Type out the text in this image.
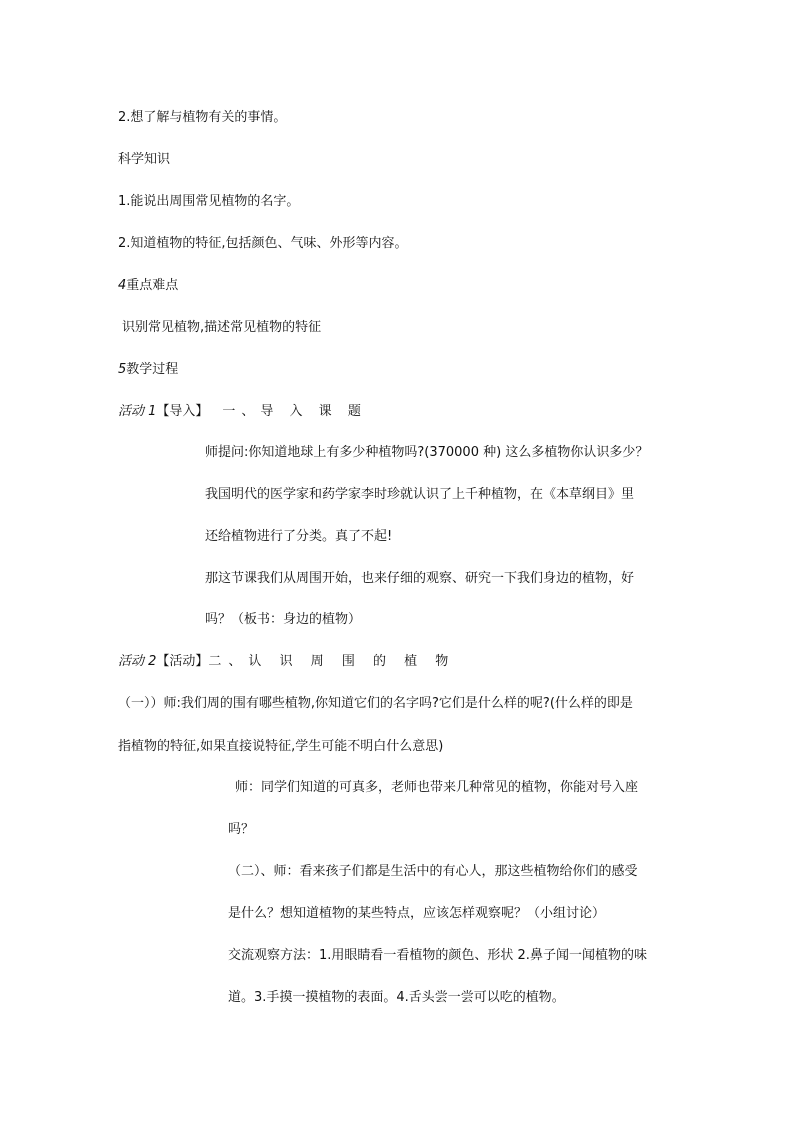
2.想了解与植物有关的事情。
科学知识
1.能说出周围常见植物的名字。
2.知道植物的特征,包括颜色、气味、外形等内容。
4重点难点
识别常见植物,描述常见植物的特征
5教学过程
活动 1【导入】 一、导 入 课 题
师提问:你知道地球上有多少种植物吗?(370000 种) 这么多植物你认识多少？
我国明代的医学家和药学家李时珍就认识了上千种植物，在《本草纲目》里
还给植物进行了分类。真了不起!
那这节课我们从周围开始，也来仔细的观察、研究一下我们身边的植物，好
吗？（板书：身边的植物）
活动 2【活动】二、认 识 周 围 的 植 物
（一））师:我们周的围有哪些植物,你知道它们的名字吗?它们是什么样的呢?(什么样的即是
指植物的特征,如果直接说特征,学生可能不明白什么意思)
师：同学们知道的可真多，老师也带来几种常见的植物，你能对号入座
吗？
（二）、师：看来孩子们都是生活中的有心人，那这些植物给你们的感受
是什么？想知道植物的某些特点，应该怎样观察呢？（小组讨论）
交流观察方法：1.用眼睛看一看植物的颜色、形状 2.鼻子闻一闻植物的味
道。3.手摸一摸植物的表面。4.舌头尝一尝可以吃的植物。
